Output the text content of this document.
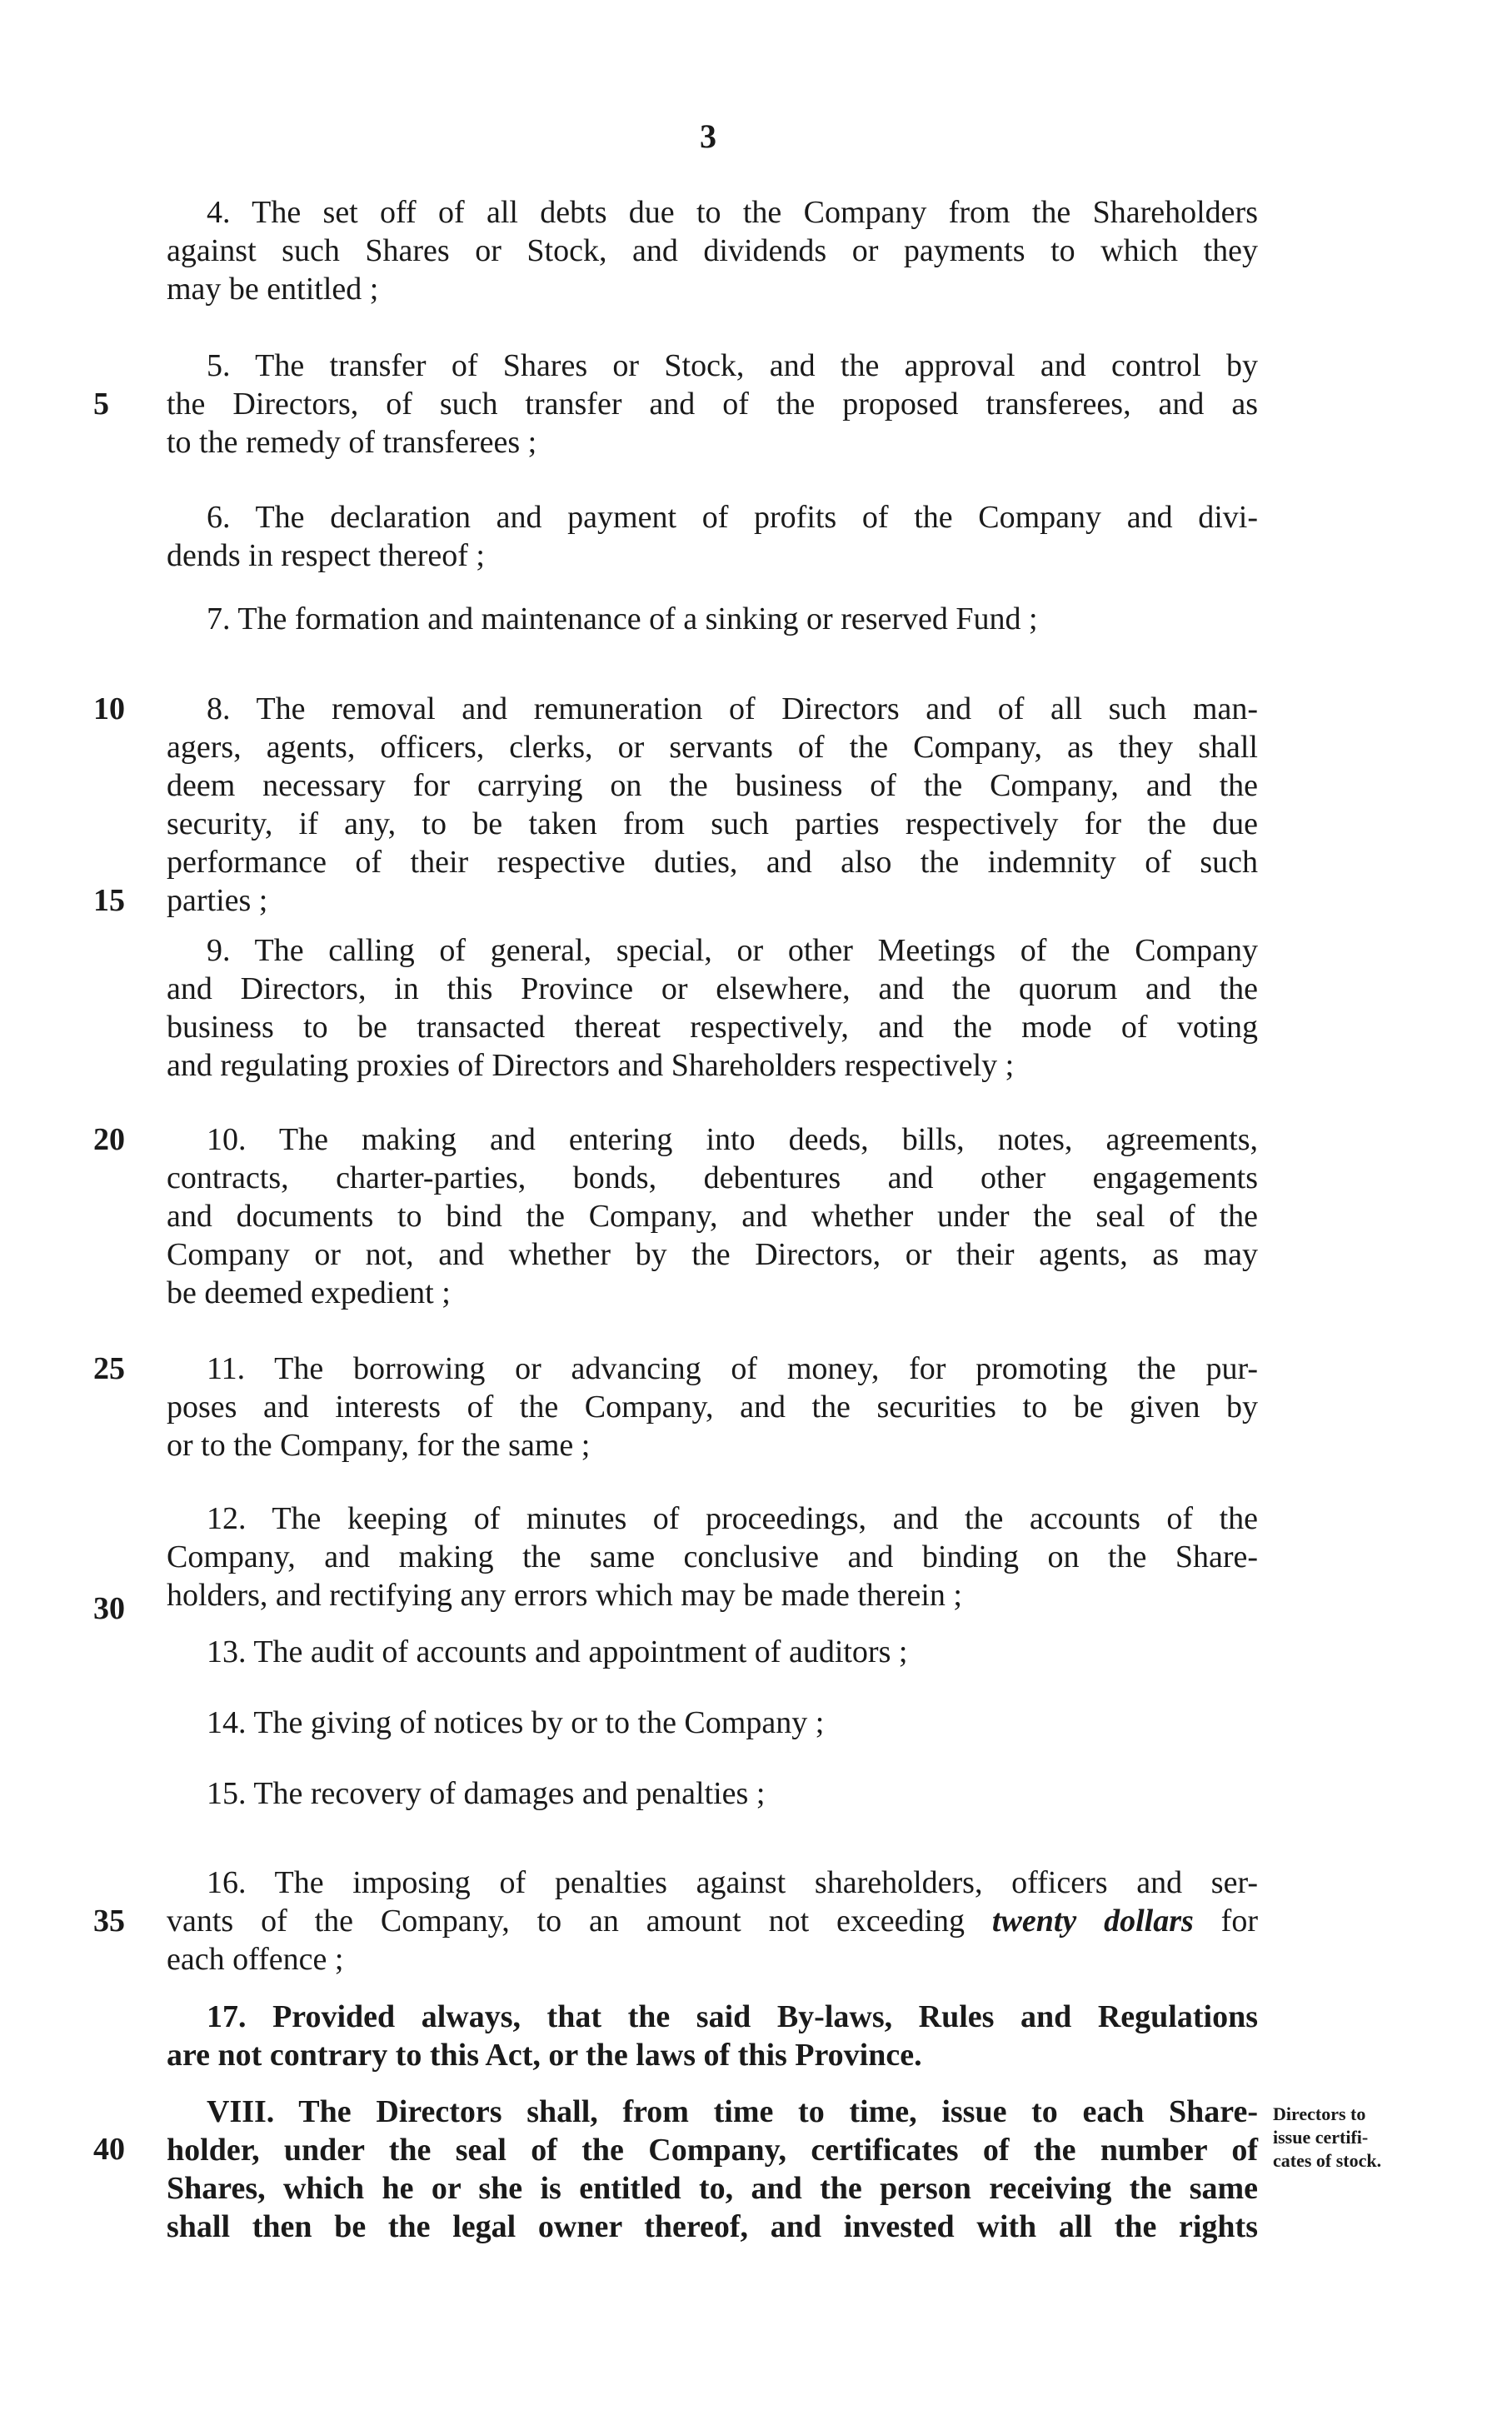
3
5
10
15
20
25
30
35
40
4. The set off of all debts due to the Company from the Shareholders
against such Shares or Stock, and dividends or payments to which they
may be entitled ;
5. The transfer of Shares or Stock, and the approval and control by
the Directors, of such transfer and of the proposed transferees, and as
to the remedy of transferees ;
6. The declaration and payment of profits of the Company and divi-
dends in respect thereof ;
7. The formation and maintenance of a sinking or reserved Fund ;
8. The removal and remuneration of Directors and of all such man-
agers, agents, officers, clerks, or servants of the Company, as they shall
deem necessary for carrying on the business of the Company, and the
security, if any, to be taken from such parties respectively for the due
performance of their respective duties, and also the indemnity of such
parties ;
9. The calling of general, special, or other Meetings of the Company
and Directors, in this Province or elsewhere, and the quorum and the
business to be transacted thereat respectively, and the mode of voting
and regulating proxies of Directors and Shareholders respectively ;
10. The making and entering into deeds, bills, notes, agreements,
contracts, charter-parties, bonds, debentures and other engagements
and documents to bind the Company, and whether under the seal of the
Company or not, and whether by the Directors, or their agents, as may
be deemed expedient ;
11. The borrowing or advancing of money, for promoting the pur-
poses and interests of the Company, and the securities to be given by
or to the Company, for the same ;
12. The keeping of minutes of proceedings, and the accounts of the
Company, and making the same conclusive and binding on the Share-
holders, and rectifying any errors which may be made therein ;
13. The audit of accounts and appointment of auditors ;
14. The giving of notices by or to the Company ;
15. The recovery of damages and penalties ;
16. The imposing of penalties against shareholders, officers and ser-
vants of the Company, to an amount not exceeding twenty dollars for
each offence ;
17. Provided always, that the said By-laws, Rules and Regulations
are not contrary to this Act, or the laws of this Province.
VIII. The Directors shall, from time to time, issue to each Share-
holder, under the seal of the Company, certificates of the number of
Shares, which he or she is entitled to, and the person receiving the same
shall then be the legal owner thereof, and invested with all the rights
Directors to
issue certifi-
cates of stock.
